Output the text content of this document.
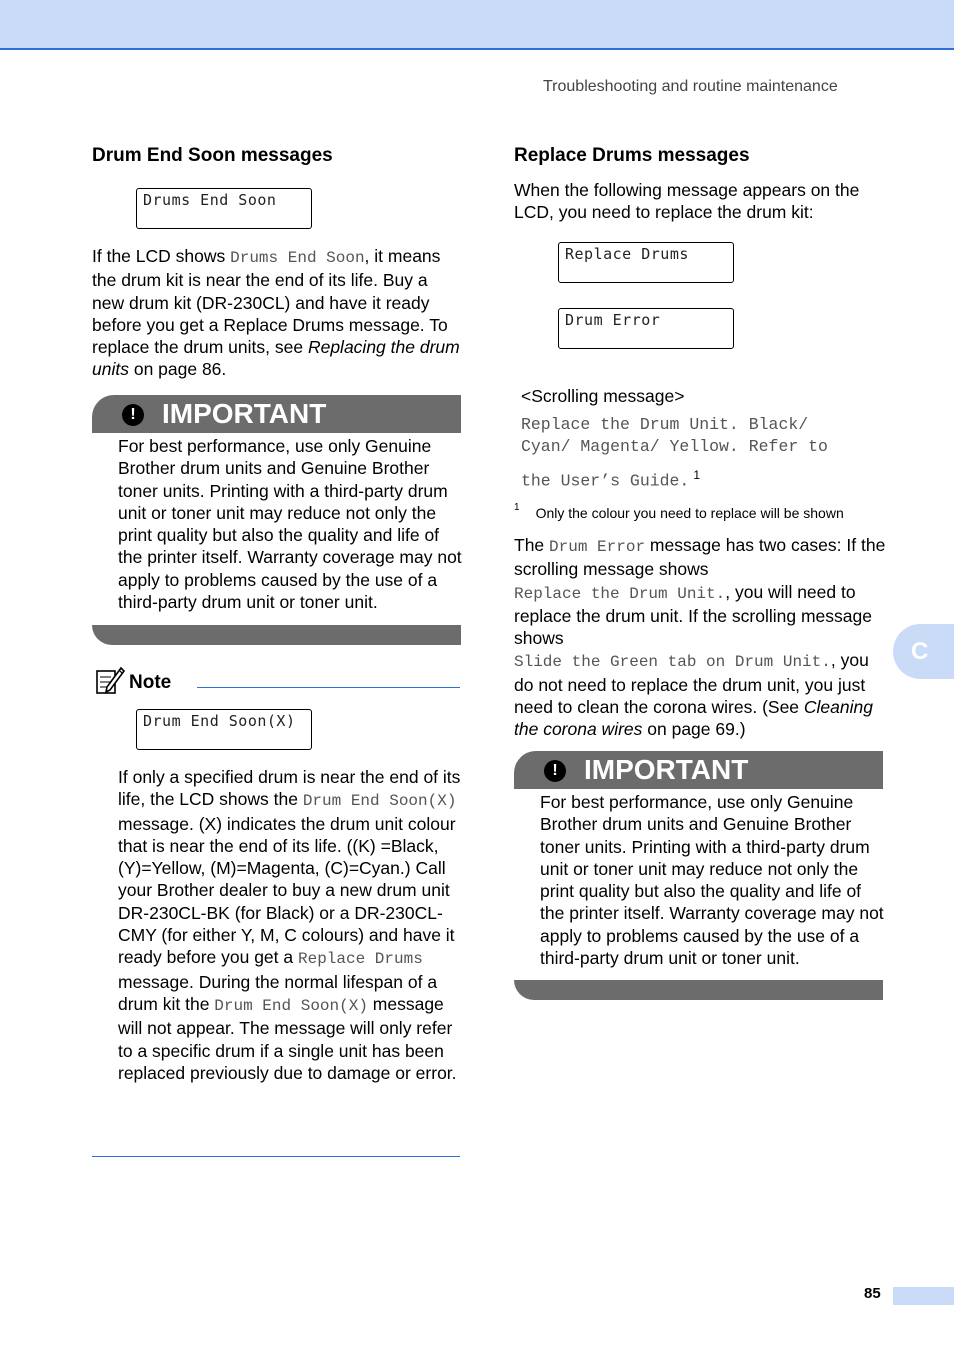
Troubleshooting and routine maintenance
Drum End Soon messages
Drums End Soon
If the LCD shows Drums End Soon, it means the drum kit is near the end of its life. Buy a new drum kit (DR-230CL) and have it ready before you get a Replace Drums message. To replace the drum units, see Replacing the drum units on page 86.
! IMPORTANT
For best performance, use only Genuine Brother drum units and Genuine Brother toner units. Printing with a third-party drum unit or toner unit may reduce not only the print quality but also the quality and life of the printer itself. Warranty coverage may not apply to problems caused by the use of a third-party drum unit or toner unit.
Note
Drum End Soon(X)
If only a specified drum is near the end of its life, the LCD shows the Drum End Soon(X) message. (X) indicates the drum unit colour that is near the end of its life. ((K) =Black, (Y)=Yellow, (M)=Magenta, (C)=Cyan.) Call your Brother dealer to buy a new drum unit DR-230CL-BK (for Black) or a DR-230CL-CMY (for either Y, M, C colours) and have it ready before you get a Replace Drums message. During the normal lifespan of a drum kit the Drum End Soon(X) message will not appear. The message will only refer to a specific drum if a single unit has been replaced previously due to damage or error.
Replace Drums messages
When the following message appears on the LCD, you need to replace the drum kit:
Replace Drums
Drum Error
<Scrolling message>
Replace the Drum Unit. Black/
Cyan/ Magenta/ Yellow. Refer to
the User’s Guide. $^1$
$^1$ Only the colour you need to replace will be shown
The Drum Error message has two cases: If the scrolling message shows
Replace the Drum Unit., you will need to replace the drum unit. If the scrolling message shows
Slide the Green tab on Drum Unit., you do not need to replace the drum unit, you just need to clean the corona wires. (See Cleaning the corona wires on page 69.)
! IMPORTANT
For best performance, use only Genuine Brother drum units and Genuine Brother toner units. Printing with a third-party drum unit or toner unit may reduce not only the print quality but also the quality and life of the printer itself. Warranty coverage may not apply to problems caused by the use of a third-party drum unit or toner unit.
C
85
